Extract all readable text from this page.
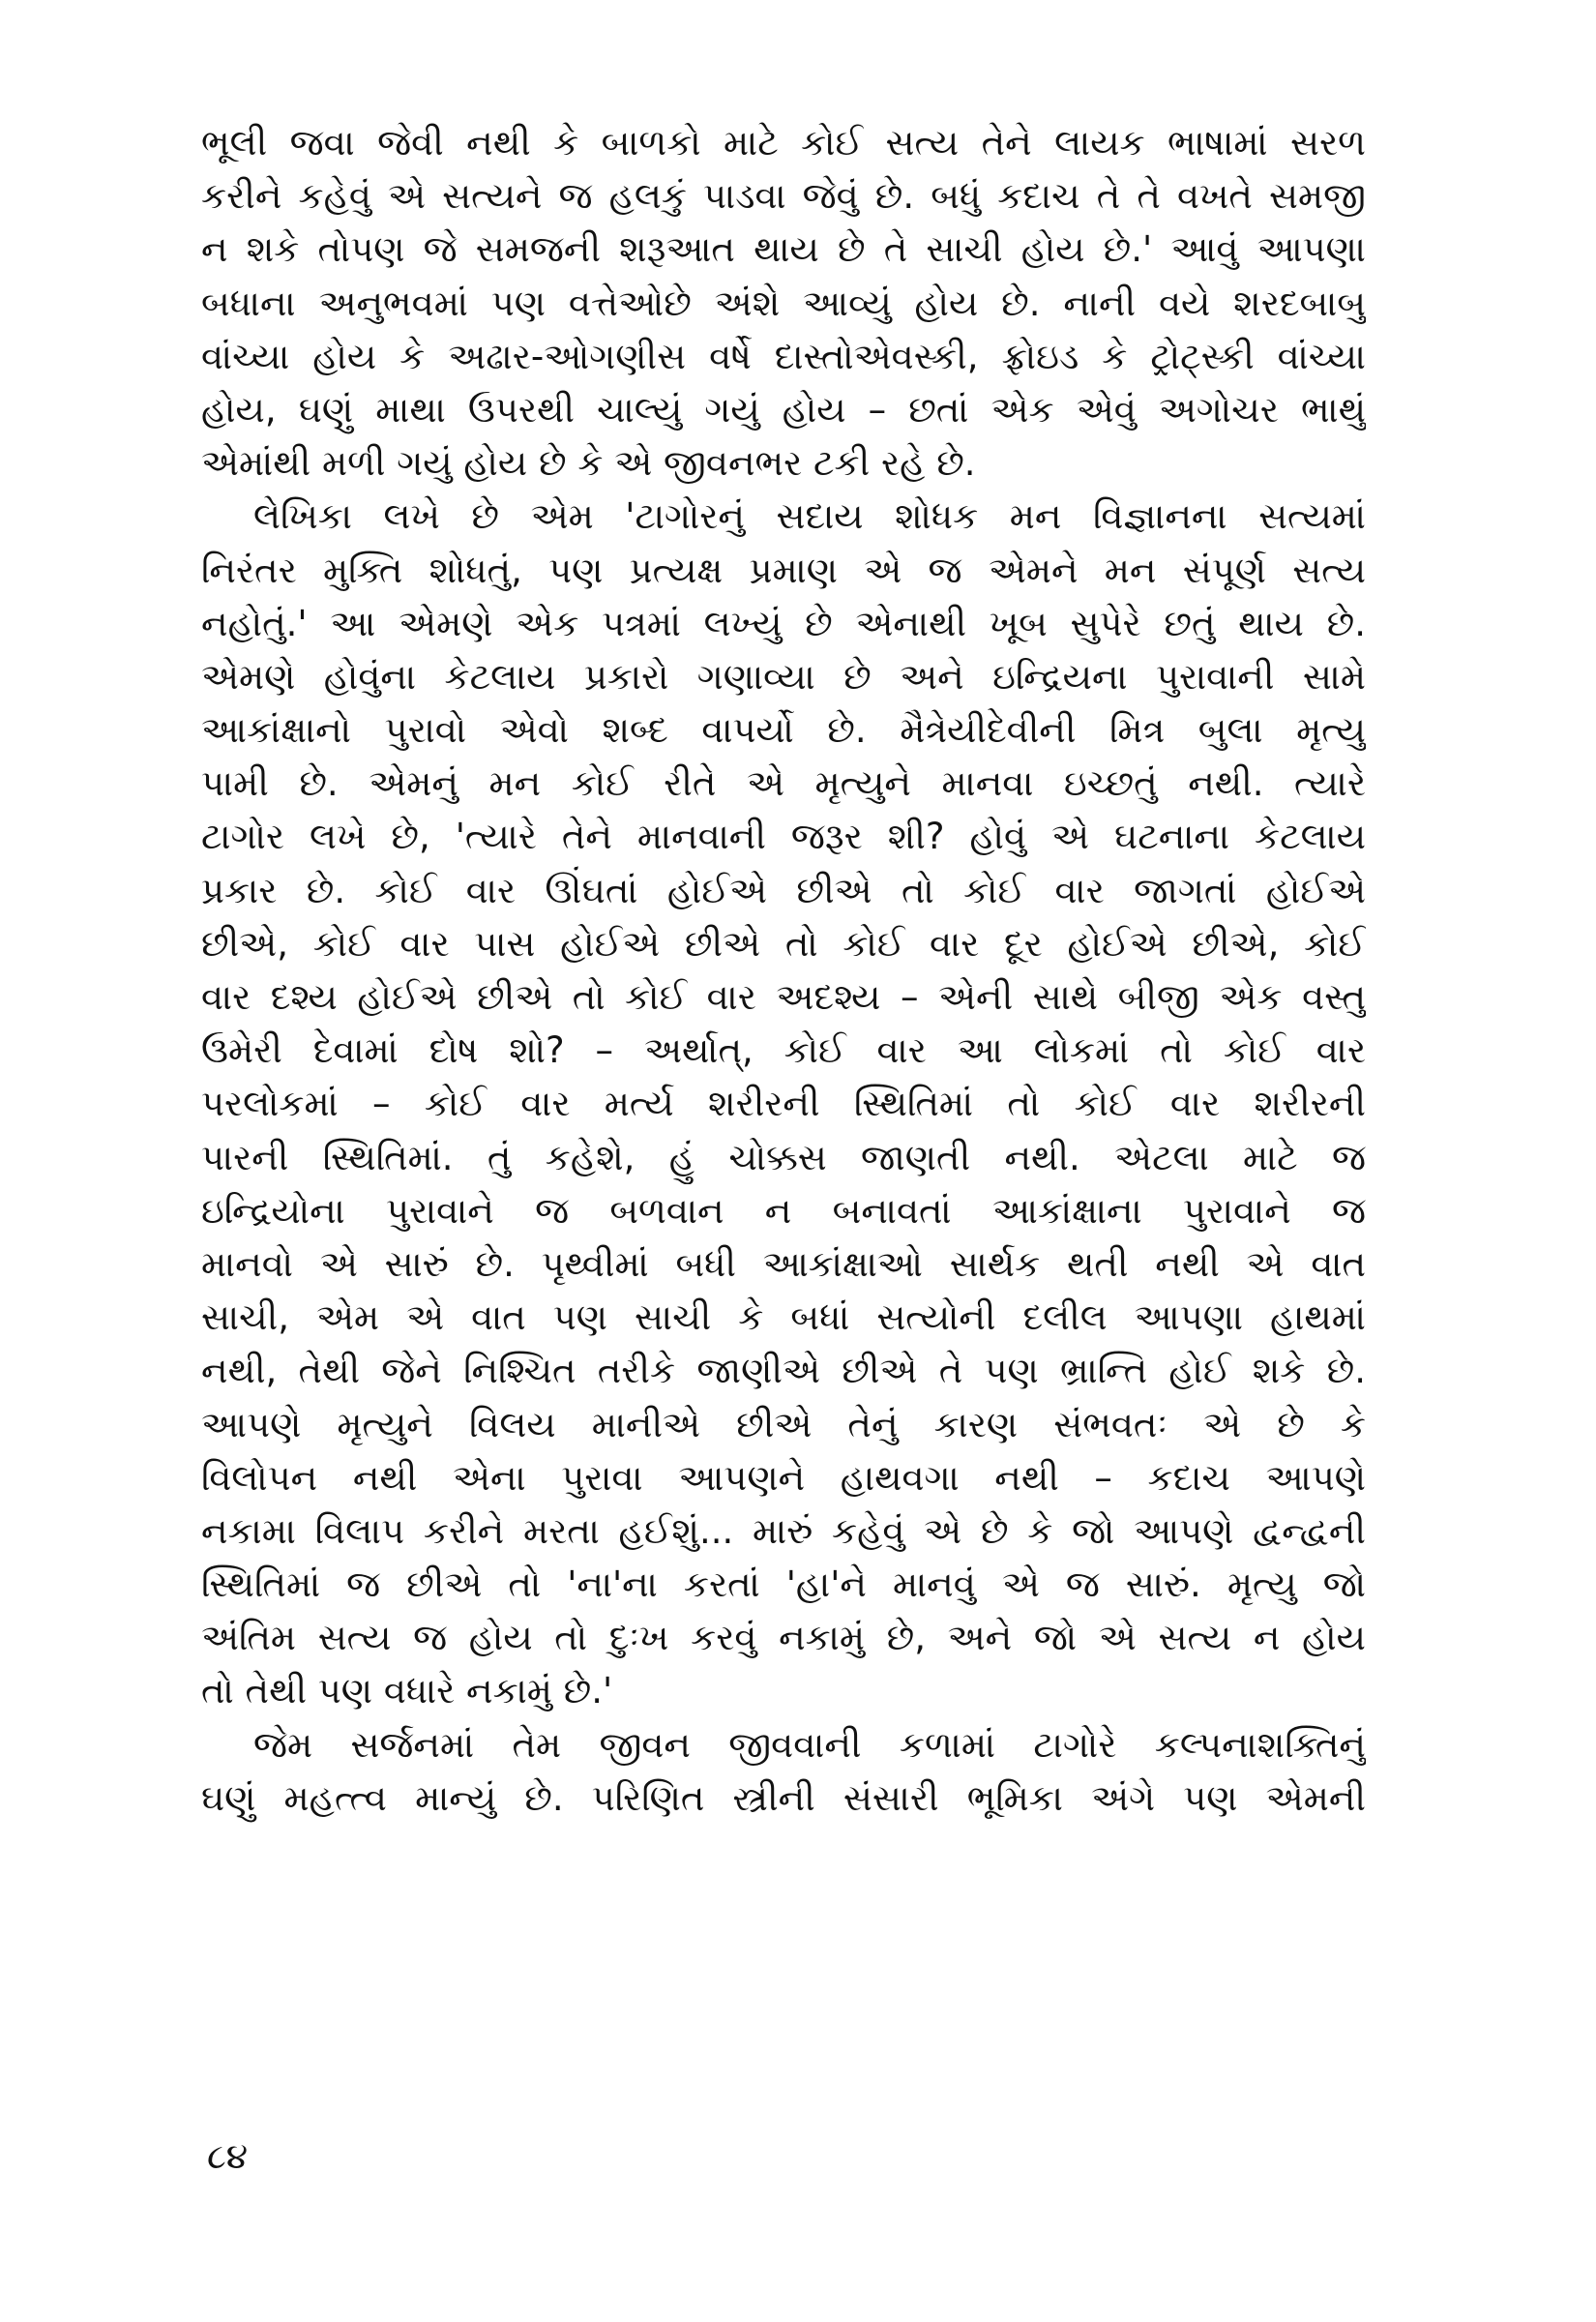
ભૂલી જવા જેવી નથી કે બાળકો માટે કોઈ સત્ય તેને લાયક ભાષામાં સરળ
કરીને કહેવું એ સત્યને જ હલકું પાડવા જેવું છે. બધું કદાચ તે તે વખતે સમજી
ન શકે તોપણ જે સમજની શરૂઆત થાય છે તે સાચી હોય છે.' આવું આપણા
બધાના અનુભવમાં પણ વત્તેઓછે અંશે આવ્યું હોય છે. નાની વયે શરદબાબુ
વાંચ્યા હોય કે અઢાર-ઓગણીસ વર્ષે દાસ્તોએવસ્કી, ફ્રોઇડ કે ટ્રોટ્સ્કી વાંચ્યા
હોય, ઘણું માથા ઉપરથી ચાલ્યું ગયું હોય – છતાં એક એવું અગોચર ભાથું
એમાંથી મળી ગયું હોય છે કે એ જીવનભર ટકી રહે છે.
લેખિકા લખે છે એમ 'ટાગોરનું સદાય શોધક મન વિજ્ઞાનના સત્યમાં
નિરંતર મુક્તિ શોધતું, પણ પ્રત્યક્ષ પ્રમાણ એ જ એમને મન સંપૂર્ણ સત્ય
નહોતું.' આ એમણે એક પત્રમાં લખ્યું છે એનાથી ખૂબ સુપેરે છતું થાય છે.
એમણે હોવુંના કેટલાય પ્રકારો ગણાવ્યા છે અને ઇન્દ્રિયના પુરાવાની સામે
આકાંક્ષાનો પુરાવો એવો શબ્દ વાપર્યો છે. મૈત્રેયીદેવીની મિત્ર બુલા મૃત્યુ
પામી છે. એમનું મન કોઈ રીતે એ મૃત્યુને માનવા ઇચ્છતું નથી. ત્યારે
ટાગોર લખે છે, 'ત્યારે તેને માનવાની જરૂર શી? હોવું એ ઘટનાના કેટલાય
પ્રકાર છે. કોઈ વાર ઊંઘતાં હોઈએ છીએ તો કોઈ વાર જાગતાં હોઈએ
છીએ, કોઈ વાર પાસ હોઈએ છીએ તો કોઈ વાર દૂર હોઈએ છીએ, કોઈ
વાર દશ્ય હોઈએ છીએ તો કોઈ વાર અદશ્ય – એની સાથે બીજી એક વસ્તુ
ઉમેરી દેવામાં દોષ શો? – અર્થાત્, કોઈ વાર આ લોકમાં તો કોઈ વાર
પરલોકમાં – કોઈ વાર મર્ત્ય શરીરની સ્થિતિમાં તો કોઈ વાર શરીરની
પારની સ્થિતિમાં. તું કહેશે, હું ચોક્કસ જાણતી નથી. એટલા માટે જ
ઇન્દ્રિયોના પુરાવાને જ બળવાન ન બનાવતાં આકાંક્ષાના પુરાવાને જ
માનવો એ સારું છે. પૃથ્વીમાં બધી આકાંક્ષાઓ સાર્થક થતી નથી એ વાત
સાચી, એમ એ વાત પણ સાચી કે બધાં સત્યોની દલીલ આપણા હાથમાં
નથી, તેથી જેને નિશ્ચિત તરીકે જાણીએ છીએ તે પણ ભ્રાન્તિ હોઈ શકે છે.
આપણે મૃત્યુને વિલય માનીએ છીએ તેનું કારણ સંભવતઃ એ છે કે
વિલોપન નથી એના પુરાવા આપણને હાથવગા નથી – કદાચ આપણે
નકામા વિલાપ કરીને મરતા હઈશું... મારું કહેવું એ છે કે જો આપણે દ્વન્દ્વની
સ્થિતિમાં જ છીએ તો 'ના'ના કરતાં 'હા'ને માનવું એ જ સારું. મૃત્યુ જો
અંતિમ સત્ય જ હોય તો દુઃખ કરવું નકામું છે, અને જો એ સત્ય ન હોય
તો તેથી પણ વધારે નકામું છે.'
જેમ સર્જનમાં તેમ જીવન જીવવાની કળામાં ટાગોરે કલ્પનાશક્તિનું
ઘણું મહત્ત્વ માન્યું છે. પરિણિત સ્ત્રીની સંસારી ભૂમિકા અંગે પણ એમની
૮૪
